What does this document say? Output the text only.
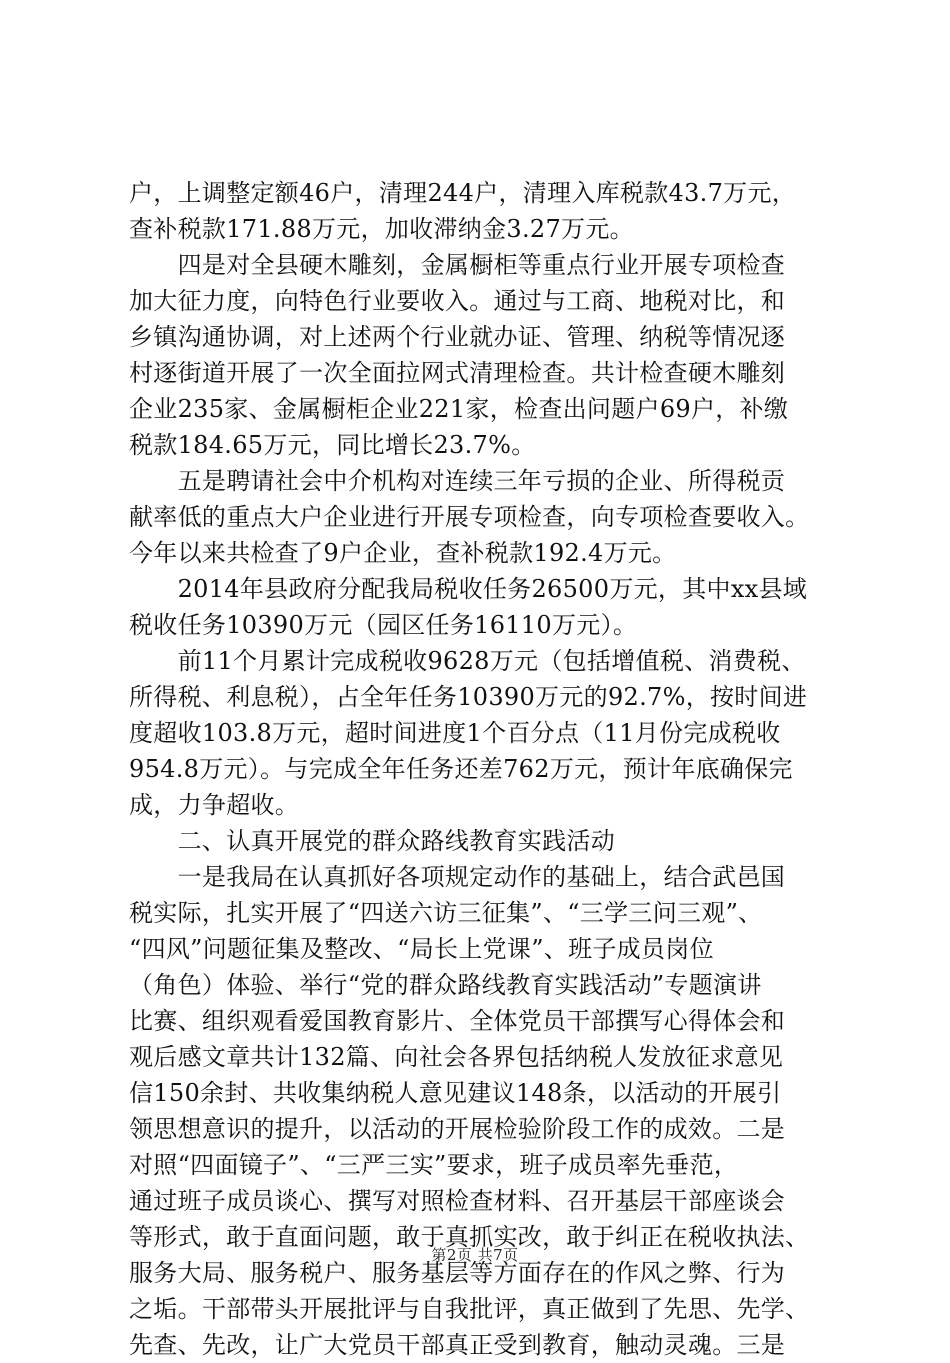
户，上调整定额46户，清理244户，清理入库税款43.7万元，
查补税款171.88万元，加收滞纳金3.27万元。
　　四是对全县硬木雕刻，金属橱柜等重点行业开展专项检查
加大征力度，向特色行业要收入。通过与工商、地税对比，和
乡镇沟通协调，对上述两个行业就办证、管理、纳税等情况逐
村逐街道开展了一次全面拉网式清理检查。共计检查硬木雕刻
企业235家、金属橱柜企业221家，检查出问题户69户，补缴
税款184.65万元，同比增长23.7%。
　　五是聘请社会中介机构对连续三年亏损的企业、所得税贡
献率低的重点大户企业进行开展专项检查，向专项检查要收入。
今年以来共检查了9户企业，查补税款192.4万元。
　　2014年县政府分配我局税收任务26500万元，其中xx县域
税收任务10390万元（园区任务16110万元）。
　　前11个月累计完成税收9628万元（包括增值税、消费税、
所得税、利息税），占全年任务10390万元的92.7%，按时间进
度超收103.8万元，超时间进度1个百分点（11月份完成税收
954.8万元）。与完成全年任务还差762万元，预计年底确保完
成，力争超收。
　　二、认真开展党的群众路线教育实践活动
　　一是我局在认真抓好各项规定动作的基础上，结合武邑国
税实际，扎实开展了“四送六访三征集”、“三学三问三观”、
“四风”问题征集及整改、“局长上党课”、班子成员岗位
（角色）体验、举行“党的群众路线教育实践活动”专题演讲
比赛、组织观看爱国教育影片、全体党员干部撰写心得体会和
观后感文章共计132篇、向社会各界包括纳税人发放征求意见
信150余封、共收集纳税人意见建议148条，以活动的开展引
领思想意识的提升，以活动的开展检验阶段工作的成效。二是
对照“四面镜子”、“三严三实”要求，班子成员率先垂范，
通过班子成员谈心、撰写对照检查材料、召开基层干部座谈会
等形式，敢于直面问题，敢于真抓实改，敢于纠正在税收执法、
服务大局、服务税户、服务基层等方面存在的作风之弊、行为
之垢。干部带头开展批评与自我批评，真正做到了先思、先学、
先查、先改，让广大党员干部真正受到教育，触动灵魂。三是
第2页 共7页
